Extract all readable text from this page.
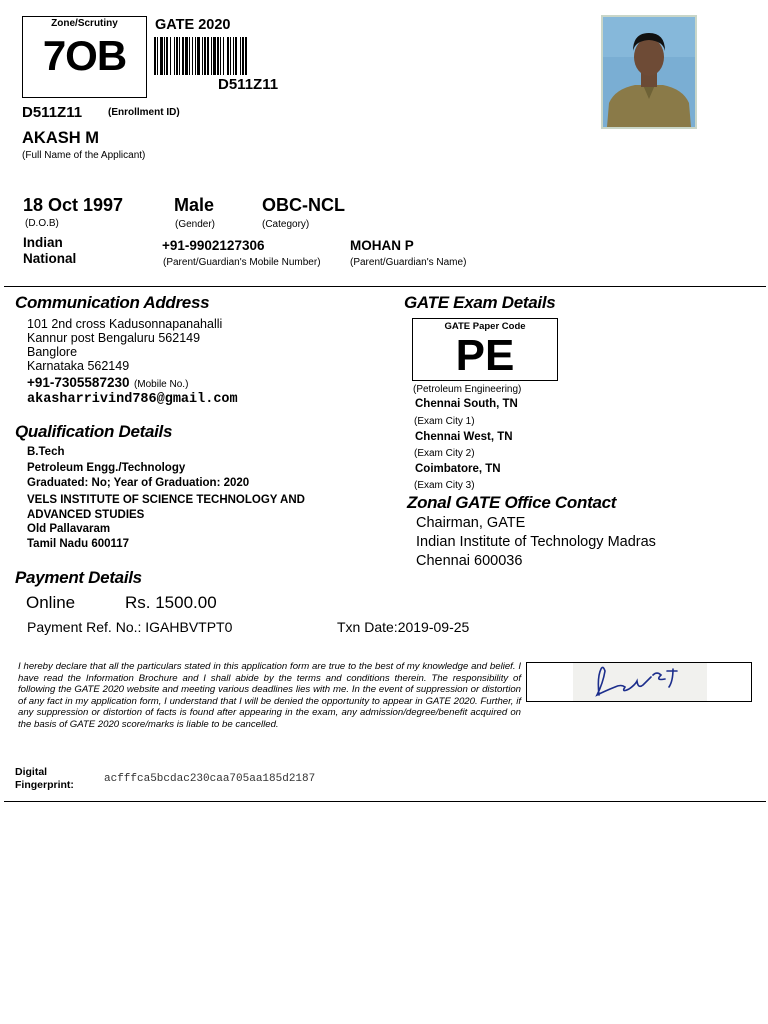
Zone/Scrutiny
7OB
GATE 2020
D511Z11
D511Z11	(Enrollment ID)
AKASH M
(Full Name of the Applicant)
18 Oct 1997
(D.O.B)
Male
(Gender)
OBC-NCL
(Category)
Indian
National
+91-9902127306
(Parent/Guardian's Mobile Number)
MOHAN P
(Parent/Guardian's Name)
Communication Address
101 2nd cross Kadusonnapanahalli
Kannur post Bengaluru 562149
Banglore
Karnataka 562149
+91-7305587230 (Mobile No.)
akasharrivind786@gmail.com
Qualification Details
B.Tech
Petroleum Engg./Technology
Graduated: No; Year of Graduation: 2020
VELS INSTITUTE OF SCIENCE TECHNOLOGY AND
ADVANCED STUDIES
Old Pallavaram
Tamil Nadu 600117
Payment Details
Online	Rs. 1500.00
Payment Ref. No.: IGAHBVTPT0	Txn Date:2019-09-25
GATE Exam Details
GATE Paper Code
PE
(Petroleum Engineering)
Chennai South, TN
(Exam City 1)
Chennai West, TN
(Exam City 2)
Coimbatore, TN
(Exam City 3)
Zonal GATE Office Contact
Chairman, GATE
Indian Institute of Technology Madras
Chennai 600036
I hereby declare that all the particulars stated in this application form are true to the best of my knowledge and belief. I have read the Information Brochure and I shall abide by the terms and conditions therein. The responsibility of following the GATE 2020 website and meeting various deadlines lies with me. In the event of suppression or distortion of any fact in my application form, I understand that I will be denied the opportunity to appear in GATE 2020. Further, if any suppression or distortion of facts is found after appearing in the exam, any admission/degree/benefit acquired on the basis of GATE 2020 score/marks is liable to be cancelled.
Digital
Fingerprint:	acfffca5bcdac230caa705aa185d2187
